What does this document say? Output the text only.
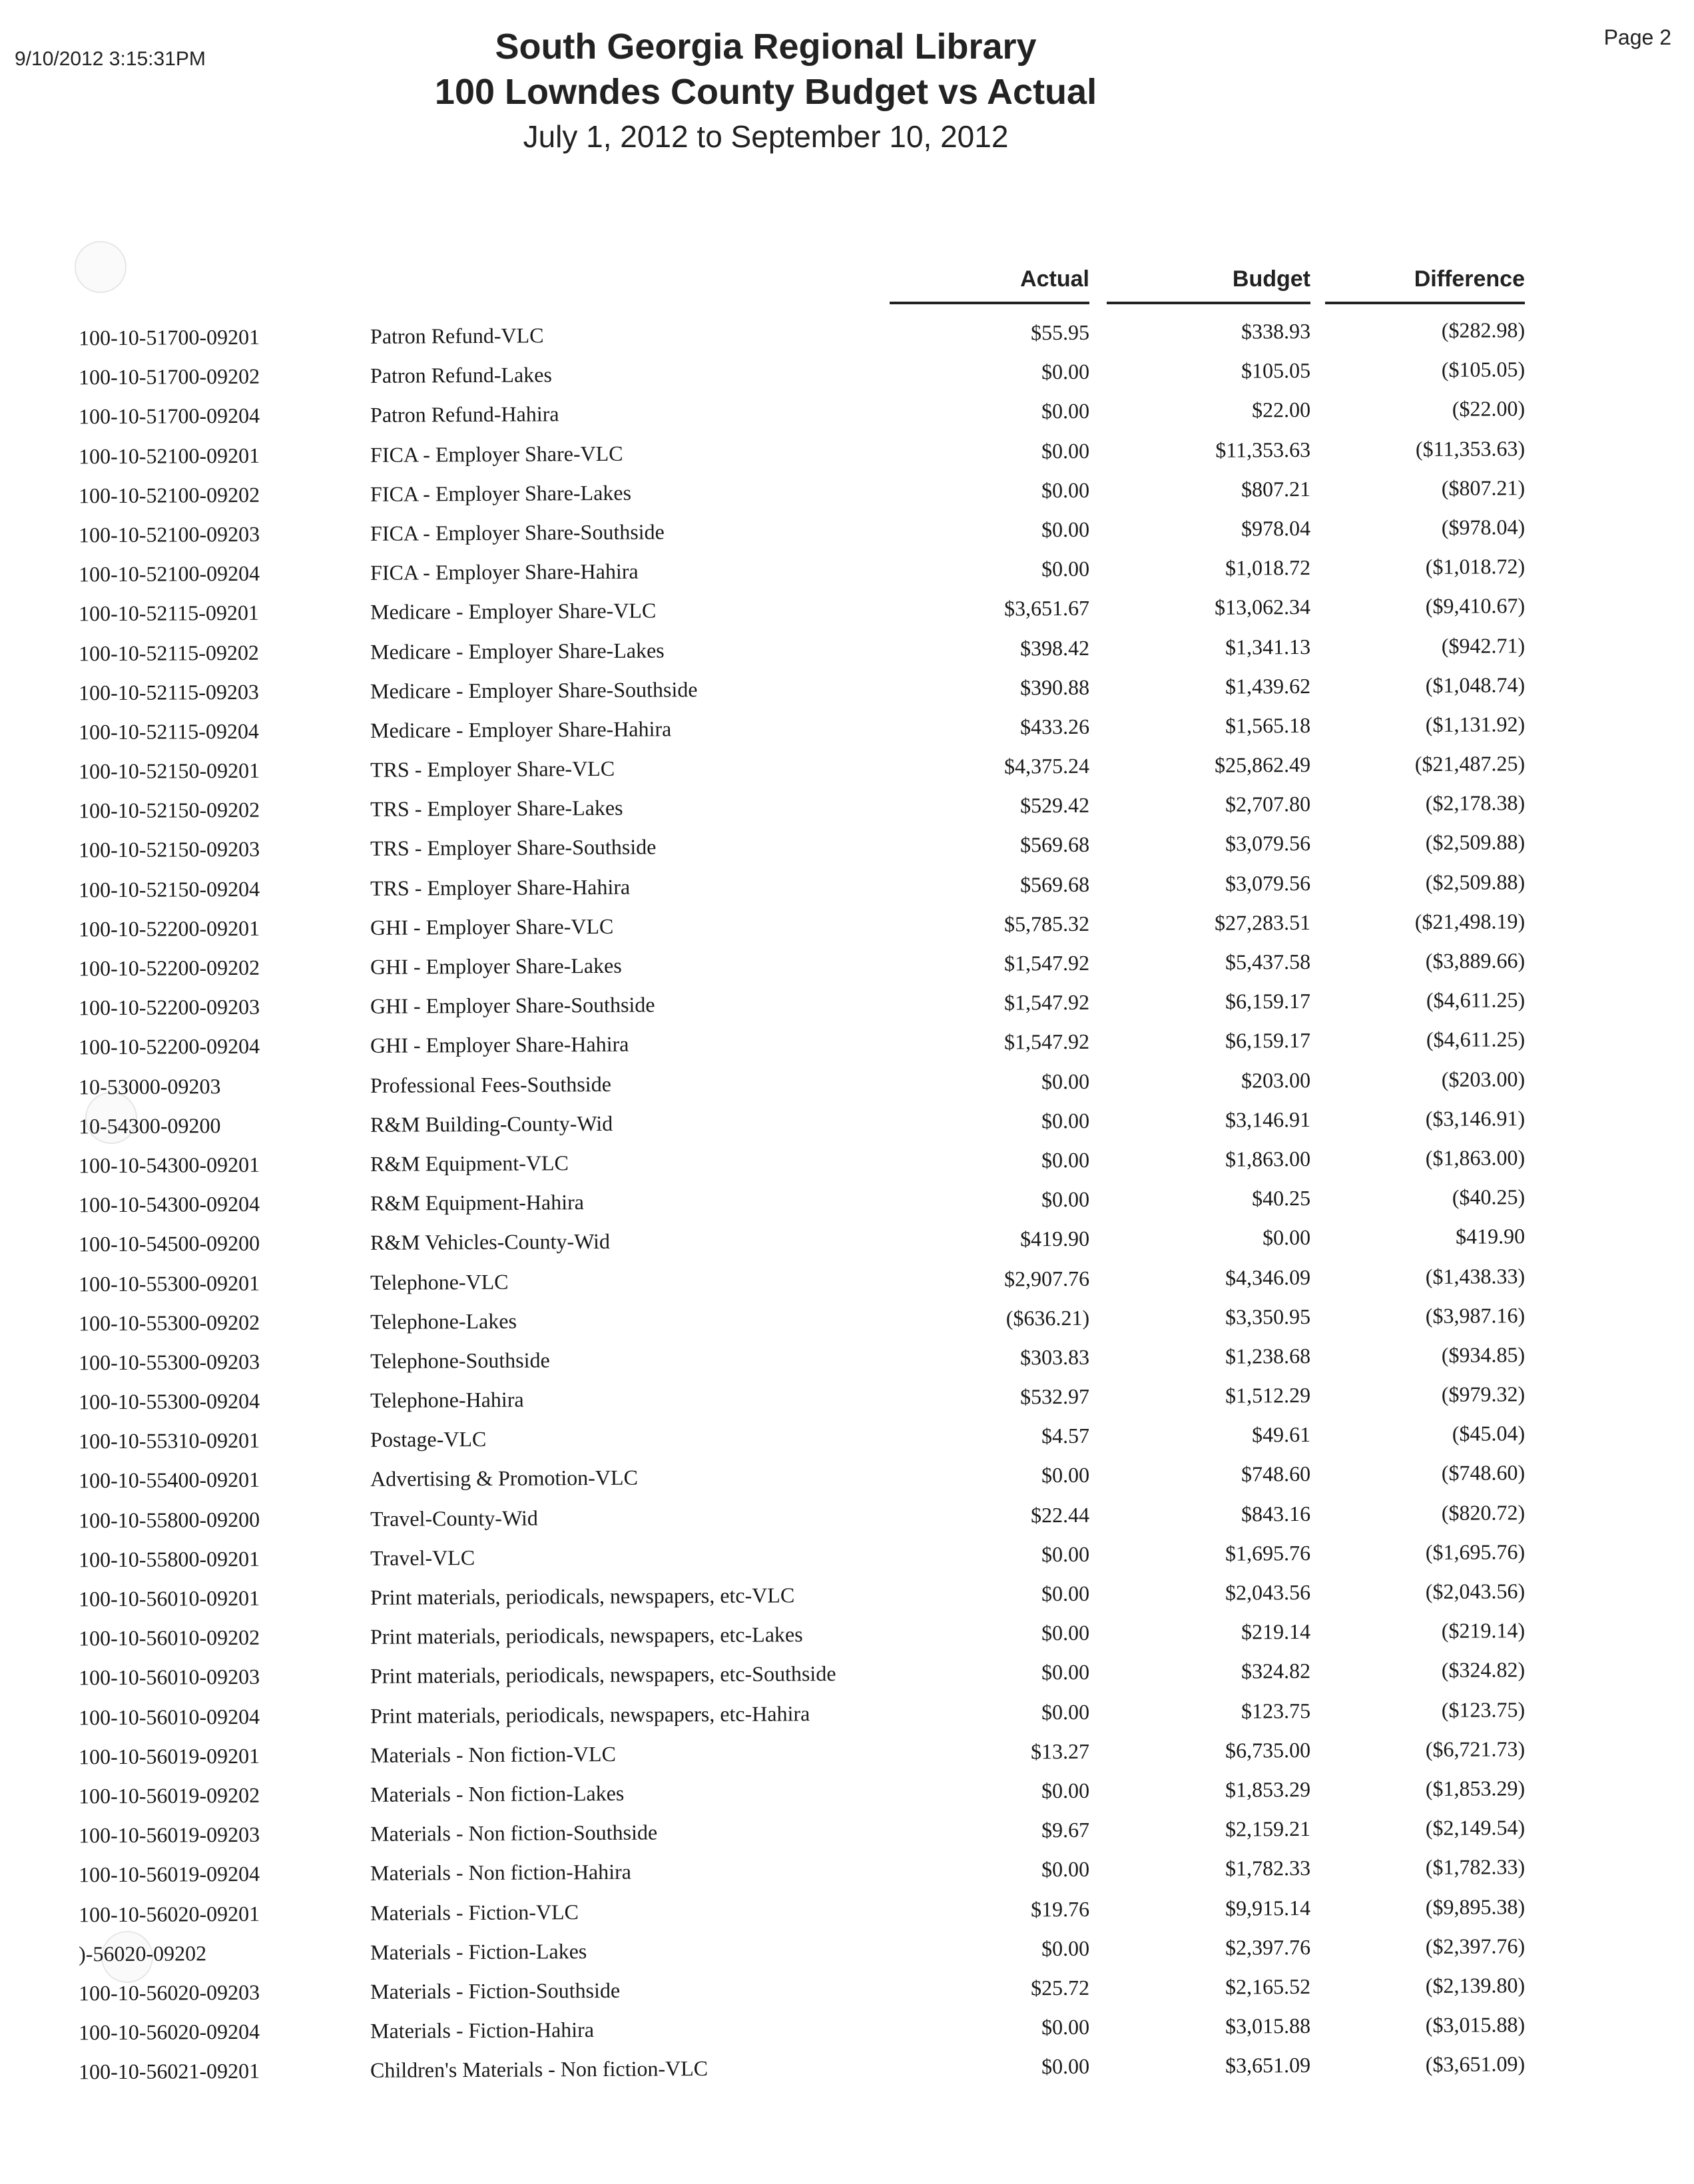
9/10/2012 3:15:31PM
Page 2
South Georgia Regional Library
100 Lowndes County Budget vs Actual
July 1, 2012 to September 10, 2012
Actual	Budget	Difference
100-10-51700-09201	Patron Refund-VLC	$55.95	$338.93	($282.98)
100-10-51700-09202	Patron Refund-Lakes	$0.00	$105.05	($105.05)
100-10-51700-09204	Patron Refund-Hahira	$0.00	$22.00	($22.00)
100-10-52100-09201	FICA - Employer Share-VLC	$0.00	$11,353.63	($11,353.63)
100-10-52100-09202	FICA - Employer Share-Lakes	$0.00	$807.21	($807.21)
100-10-52100-09203	FICA - Employer Share-Southside	$0.00	$978.04	($978.04)
100-10-52100-09204	FICA - Employer Share-Hahira	$0.00	$1,018.72	($1,018.72)
100-10-52115-09201	Medicare - Employer Share-VLC	$3,651.67	$13,062.34	($9,410.67)
100-10-52115-09202	Medicare - Employer Share-Lakes	$398.42	$1,341.13	($942.71)
100-10-52115-09203	Medicare - Employer Share-Southside	$390.88	$1,439.62	($1,048.74)
100-10-52115-09204	Medicare - Employer Share-Hahira	$433.26	$1,565.18	($1,131.92)
100-10-52150-09201	TRS - Employer Share-VLC	$4,375.24	$25,862.49	($21,487.25)
100-10-52150-09202	TRS - Employer Share-Lakes	$529.42	$2,707.80	($2,178.38)
100-10-52150-09203	TRS - Employer Share-Southside	$569.68	$3,079.56	($2,509.88)
100-10-52150-09204	TRS - Employer Share-Hahira	$569.68	$3,079.56	($2,509.88)
100-10-52200-09201	GHI - Employer Share-VLC	$5,785.32	$27,283.51	($21,498.19)
100-10-52200-09202	GHI - Employer Share-Lakes	$1,547.92	$5,437.58	($3,889.66)
100-10-52200-09203	GHI - Employer Share-Southside	$1,547.92	$6,159.17	($4,611.25)
100-10-52200-09204	GHI - Employer Share-Hahira	$1,547.92	$6,159.17	($4,611.25)
10-53000-09203	Professional Fees-Southside	$0.00	$203.00	($203.00)
10-54300-09200	R&M Building-County-Wid	$0.00	$3,146.91	($3,146.91)
100-10-54300-09201	R&M Equipment-VLC	$0.00	$1,863.00	($1,863.00)
100-10-54300-09204	R&M Equipment-Hahira	$0.00	$40.25	($40.25)
100-10-54500-09200	R&M Vehicles-County-Wid	$419.90	$0.00	$419.90
100-10-55300-09201	Telephone-VLC	$2,907.76	$4,346.09	($1,438.33)
100-10-55300-09202	Telephone-Lakes	($636.21)	$3,350.95	($3,987.16)
100-10-55300-09203	Telephone-Southside	$303.83	$1,238.68	($934.85)
100-10-55300-09204	Telephone-Hahira	$532.97	$1,512.29	($979.32)
100-10-55310-09201	Postage-VLC	$4.57	$49.61	($45.04)
100-10-55400-09201	Advertising & Promotion-VLC	$0.00	$748.60	($748.60)
100-10-55800-09200	Travel-County-Wid	$22.44	$843.16	($820.72)
100-10-55800-09201	Travel-VLC	$0.00	$1,695.76	($1,695.76)
100-10-56010-09201	Print materials, periodicals, newspapers, etc-VLC	$0.00	$2,043.56	($2,043.56)
100-10-56010-09202	Print materials, periodicals, newspapers, etc-Lakes	$0.00	$219.14	($219.14)
100-10-56010-09203	Print materials, periodicals, newspapers, etc-Southside	$0.00	$324.82	($324.82)
100-10-56010-09204	Print materials, periodicals, newspapers, etc-Hahira	$0.00	$123.75	($123.75)
100-10-56019-09201	Materials - Non fiction-VLC	$13.27	$6,735.00	($6,721.73)
100-10-56019-09202	Materials - Non fiction-Lakes	$0.00	$1,853.29	($1,853.29)
100-10-56019-09203	Materials - Non fiction-Southside	$9.67	$2,159.21	($2,149.54)
100-10-56019-09204	Materials - Non fiction-Hahira	$0.00	$1,782.33	($1,782.33)
100-10-56020-09201	Materials - Fiction-VLC	$19.76	$9,915.14	($9,895.38)
)-56020-09202	Materials - Fiction-Lakes	$0.00	$2,397.76	($2,397.76)
100-10-56020-09203	Materials - Fiction-Southside	$25.72	$2,165.52	($2,139.80)
100-10-56020-09204	Materials - Fiction-Hahira	$0.00	$3,015.88	($3,015.88)
100-10-56021-09201	Children's Materials - Non fiction-VLC	$0.00	$3,651.09	($3,651.09)
